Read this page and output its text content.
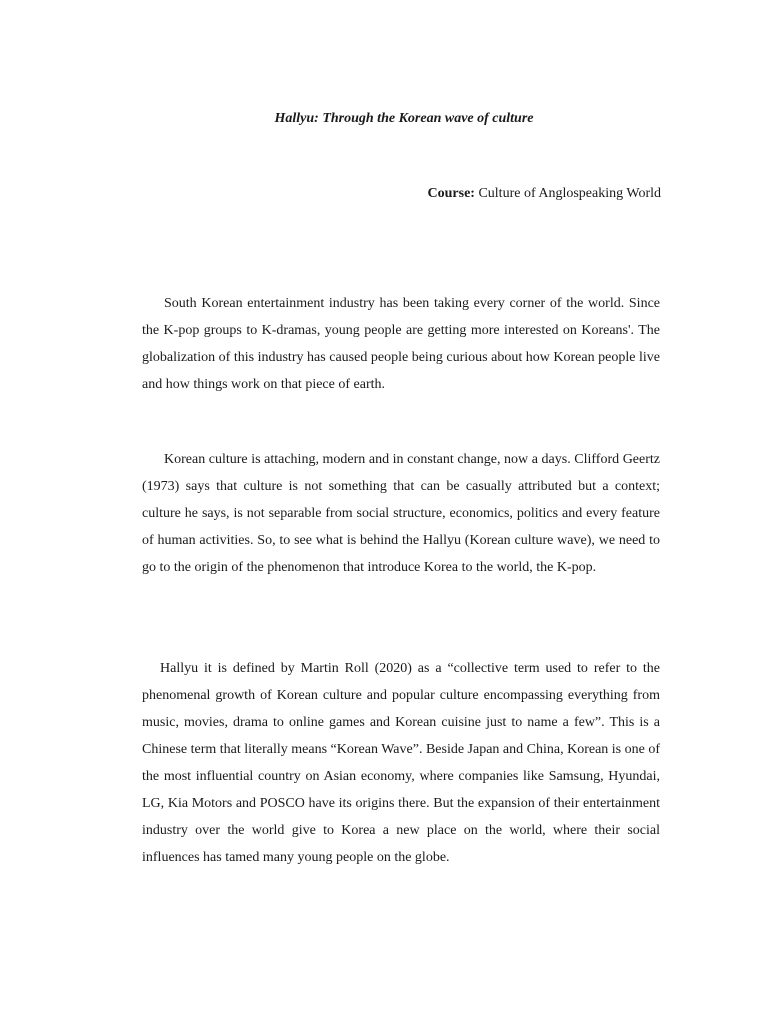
Hallyu: Through the Korean wave of culture

Course: Culture of Anglospeaking World

South Korean entertainment industry has been taking every corner of the world. Since the K-pop groups to K-dramas, young people are getting more interested on Koreans'. The globalization of this industry has caused people being curious about how Korean people live and how things work on that piece of earth.

Korean culture is attaching, modern and in constant change, now a days. Clifford Geertz (1973) says that culture is not something that can be casually attributed but a context; culture he says, is not separable from social structure, economics, politics and every feature of human activities. So, to see what is behind the Hallyu (Korean culture wave), we need to go to the origin of the phenomenon that introduce Korea to the world, the K-pop.

Hallyu it is defined by Martin Roll (2020) as a “collective term used to refer to the phenomenal growth of Korean culture and popular culture encompassing everything from music, movies, drama to online games and Korean cuisine just to name a few”. This is a Chinese term that literally means “Korean Wave”. Beside Japan and China, Korean is one of the most influential country on Asian economy, where companies like Samsung, Hyundai, LG, Kia Motors and POSCO have its origins there. But the expansion of their entertainment industry over the world give to Korea a new place on the world, where their social influences has tamed many young people on the globe.
